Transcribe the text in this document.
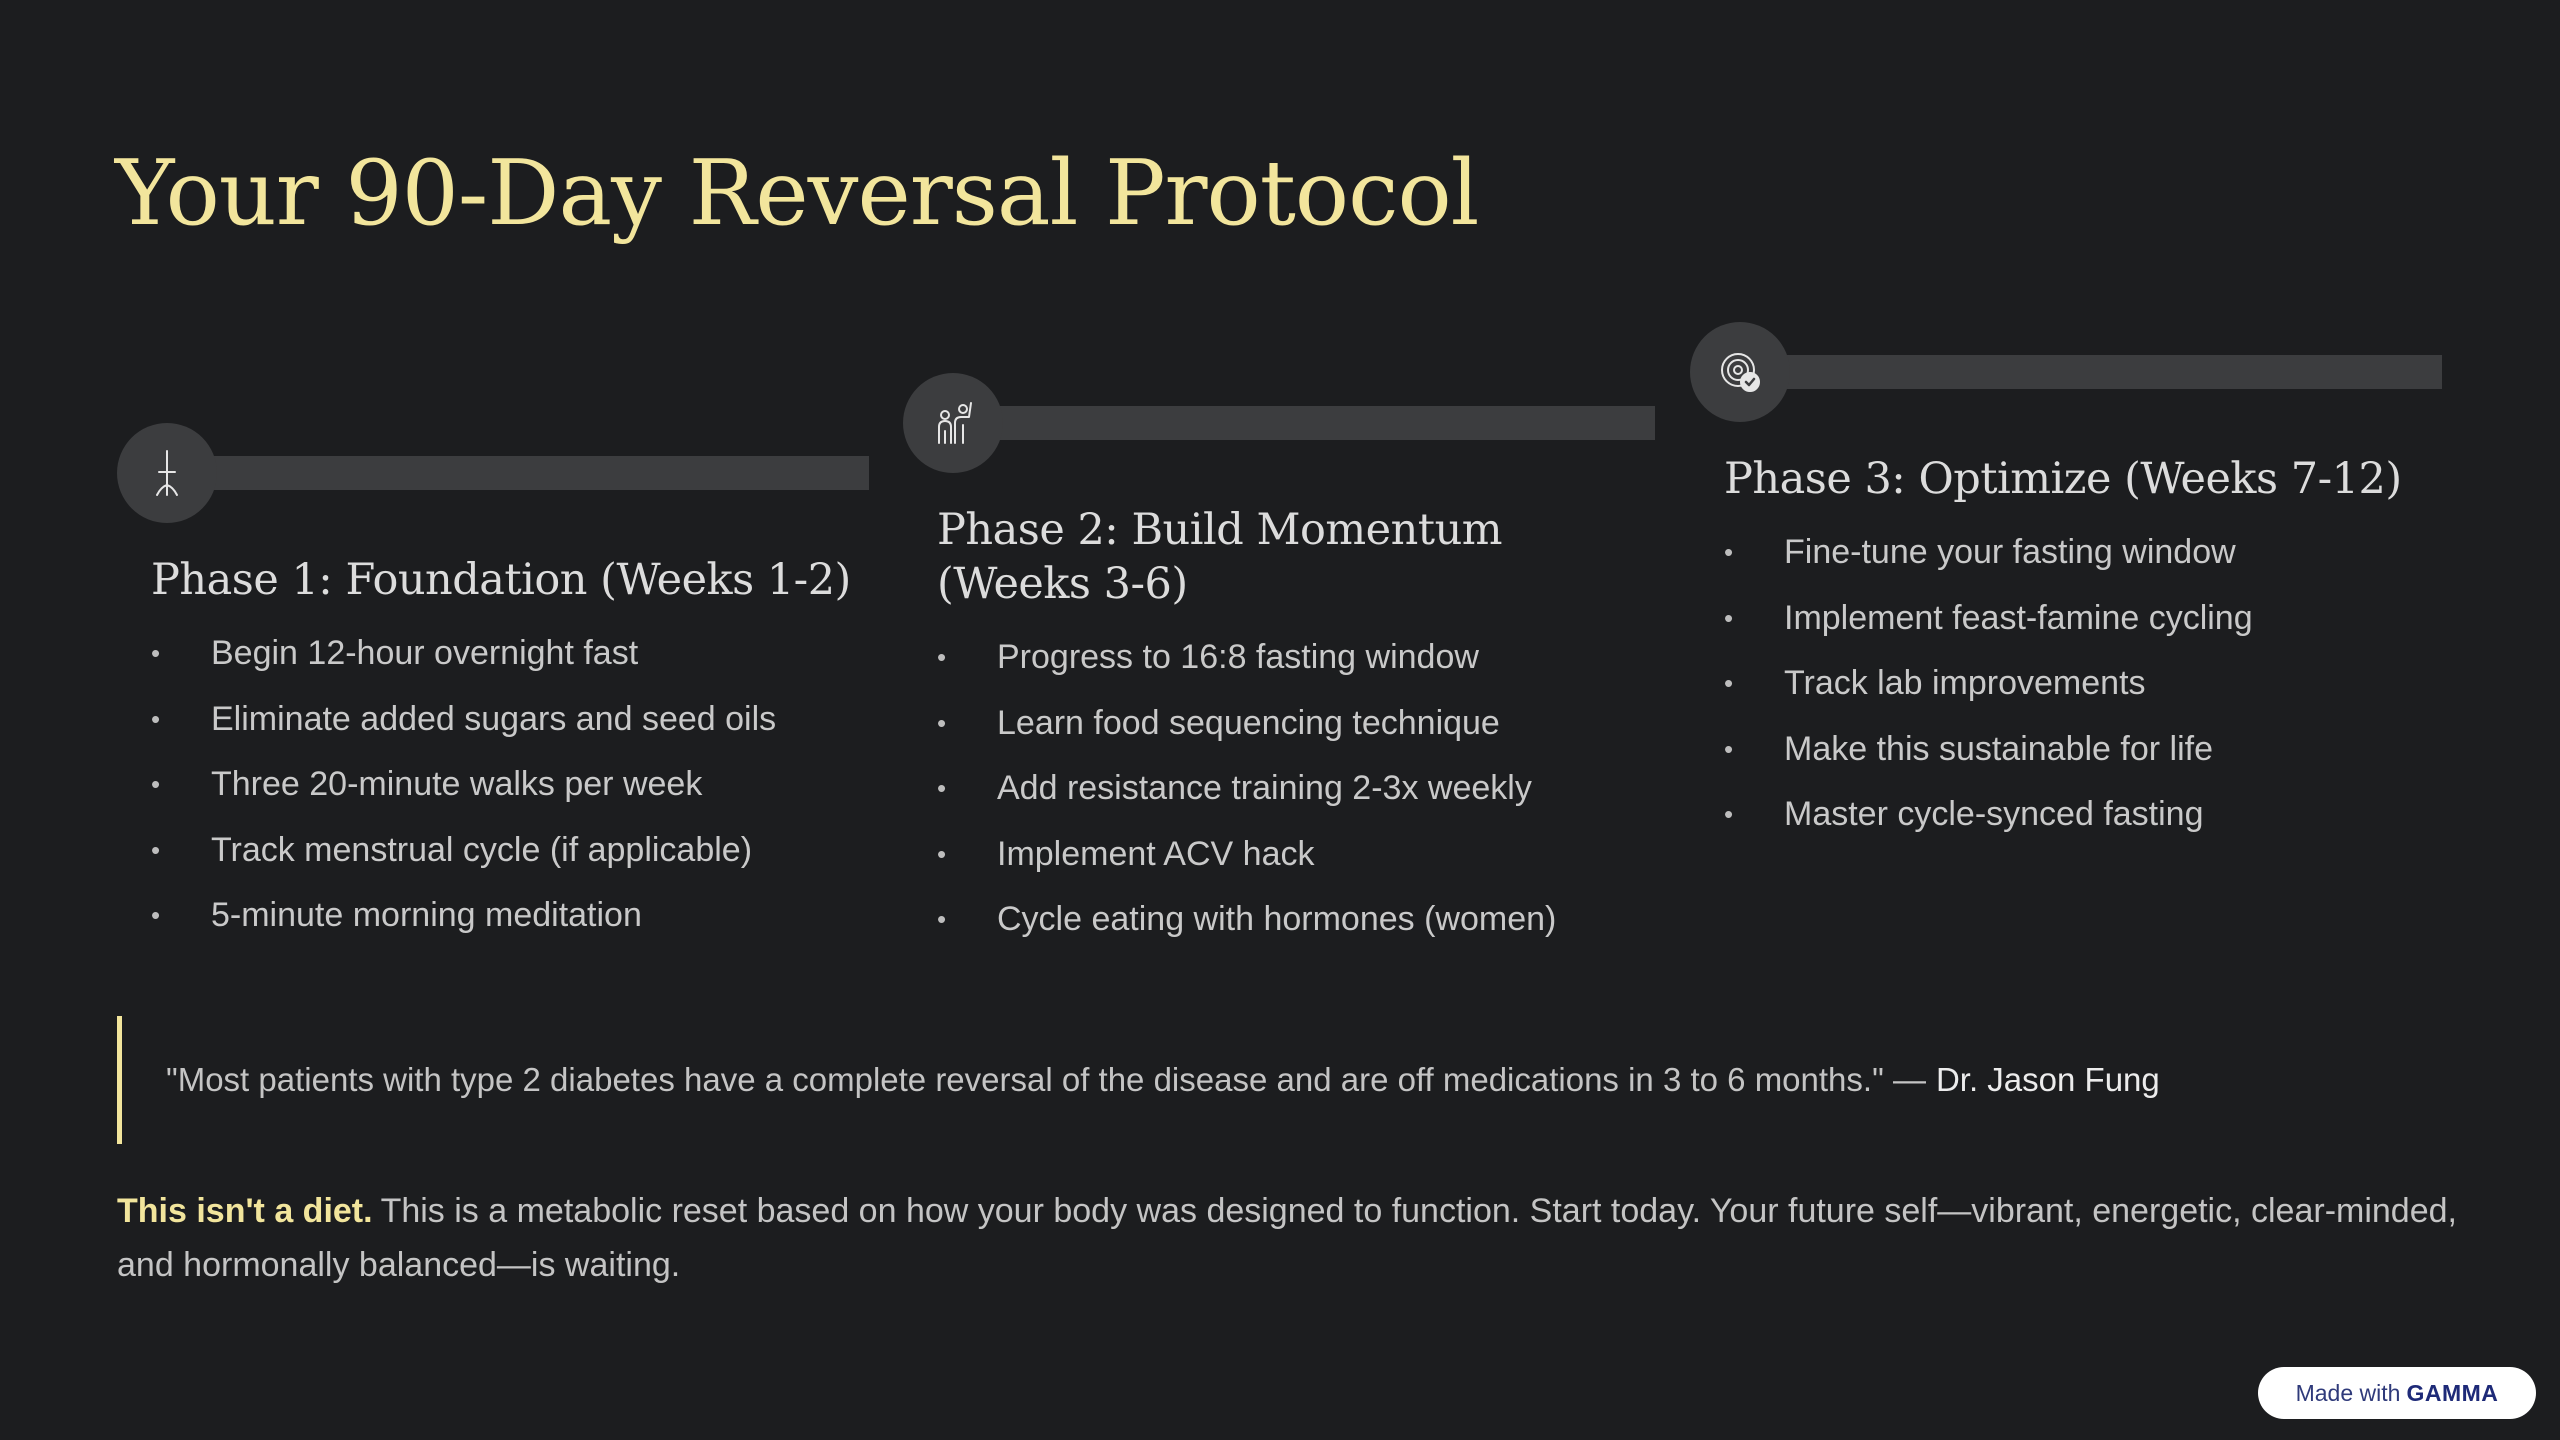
Your 90-Day Reversal Protocol
Phase 1: Foundation (Weeks 1-2)
• Begin 12-hour overnight fast
• Eliminate added sugars and seed oils
• Three 20-minute walks per week
• Track menstrual cycle (if applicable)
• 5-minute morning meditation
Phase 2: Build Momentum (Weeks 3-6)
• Progress to 16:8 fasting window
• Learn food sequencing technique
• Add resistance training 2-3x weekly
• Implement ACV hack
• Cycle eating with hormones (women)
Phase 3: Optimize (Weeks 7-12)
• Fine-tune your fasting window
• Implement feast-famine cycling
• Track lab improvements
• Make this sustainable for life
• Master cycle-synced fasting
"Most patients with type 2 diabetes have a complete reversal of the disease and are off medications in 3 to 6 months." — Dr. Jason Fung

This isn't a diet. This is a metabolic reset based on how your body was designed to function. Start today. Your future self—vibrant, energetic, clear-minded, and hormonally balanced—is waiting.

Made with GAMMA
